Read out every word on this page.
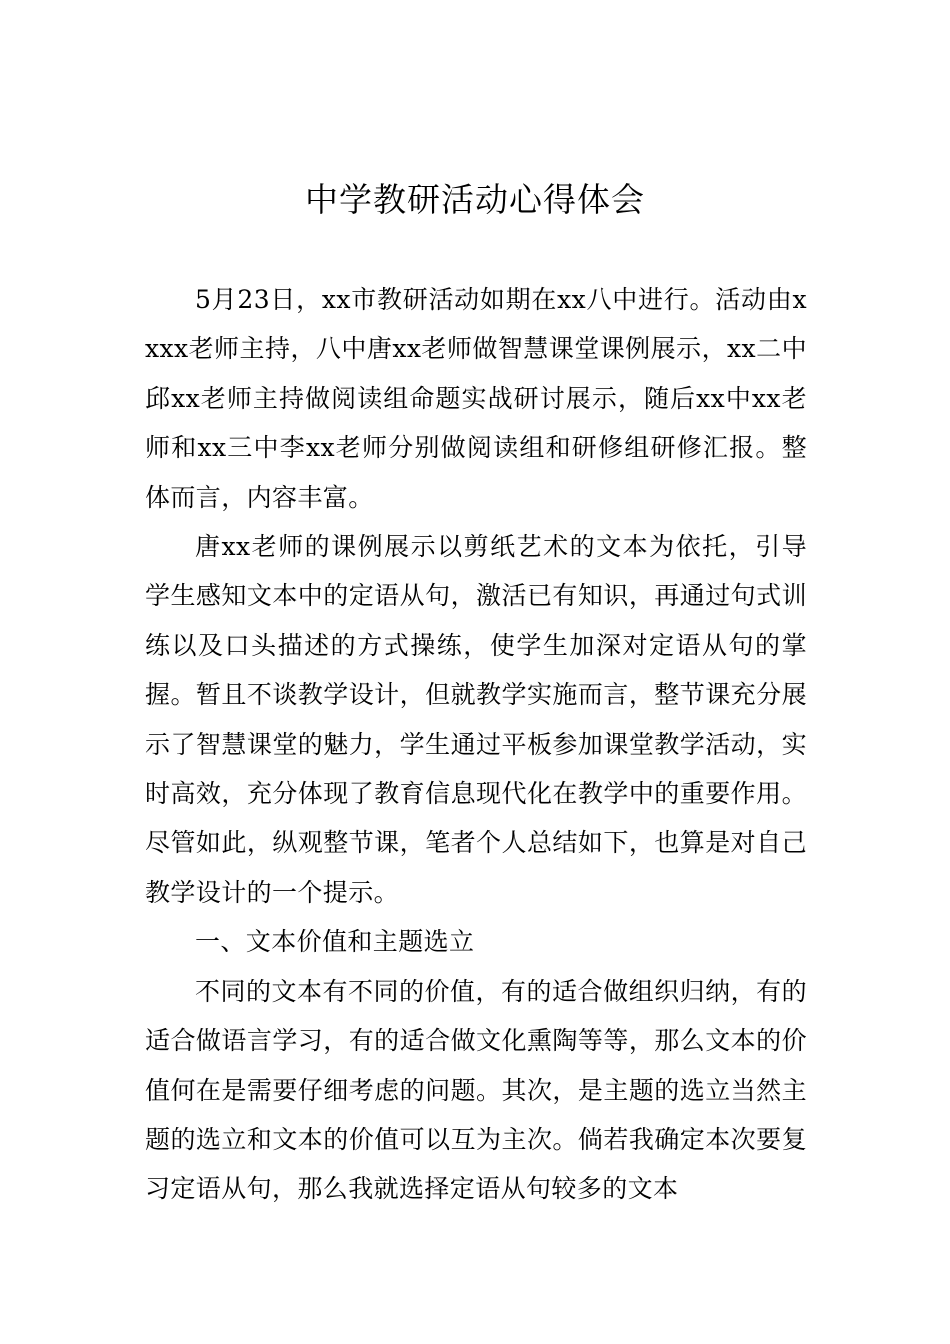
中学教研活动心得体会

5月23日，xx市教研活动如期在xx八中进行。活动由xxxx老师主持，八中唐xx老师做智慧课堂课例展示，xx二中邱xx老师主持做阅读组命题实战研讨展示，随后xx中xx老师和xx三中李xx老师分别做阅读组和研修组研修汇报。整体而言，内容丰富。

唐xx老师的课例展示以剪纸艺术的文本为依托，引导学生感知文本中的定语从句，激活已有知识，再通过句式训练以及口头描述的方式操练，使学生加深对定语从句的掌握。暂且不谈教学设计，但就教学实施而言，整节课充分展示了智慧课堂的魅力，学生通过平板参加课堂教学活动，实时高效，充分体现了教育信息现代化在教学中的重要作用。尽管如此，纵观整节课，笔者个人总结如下，也算是对自己教学设计的一个提示。

一、文本价值和主题选立

不同的文本有不同的价值，有的适合做组织归纳，有的适合做语言学习，有的适合做文化熏陶等等，那么文本的价值何在是需要仔细考虑的问题。其次，是主题的选立当然主题的选立和文本的价值可以互为主次。倘若我确定本次要复习定语从句，那么我就选择定语从句较多的文本
